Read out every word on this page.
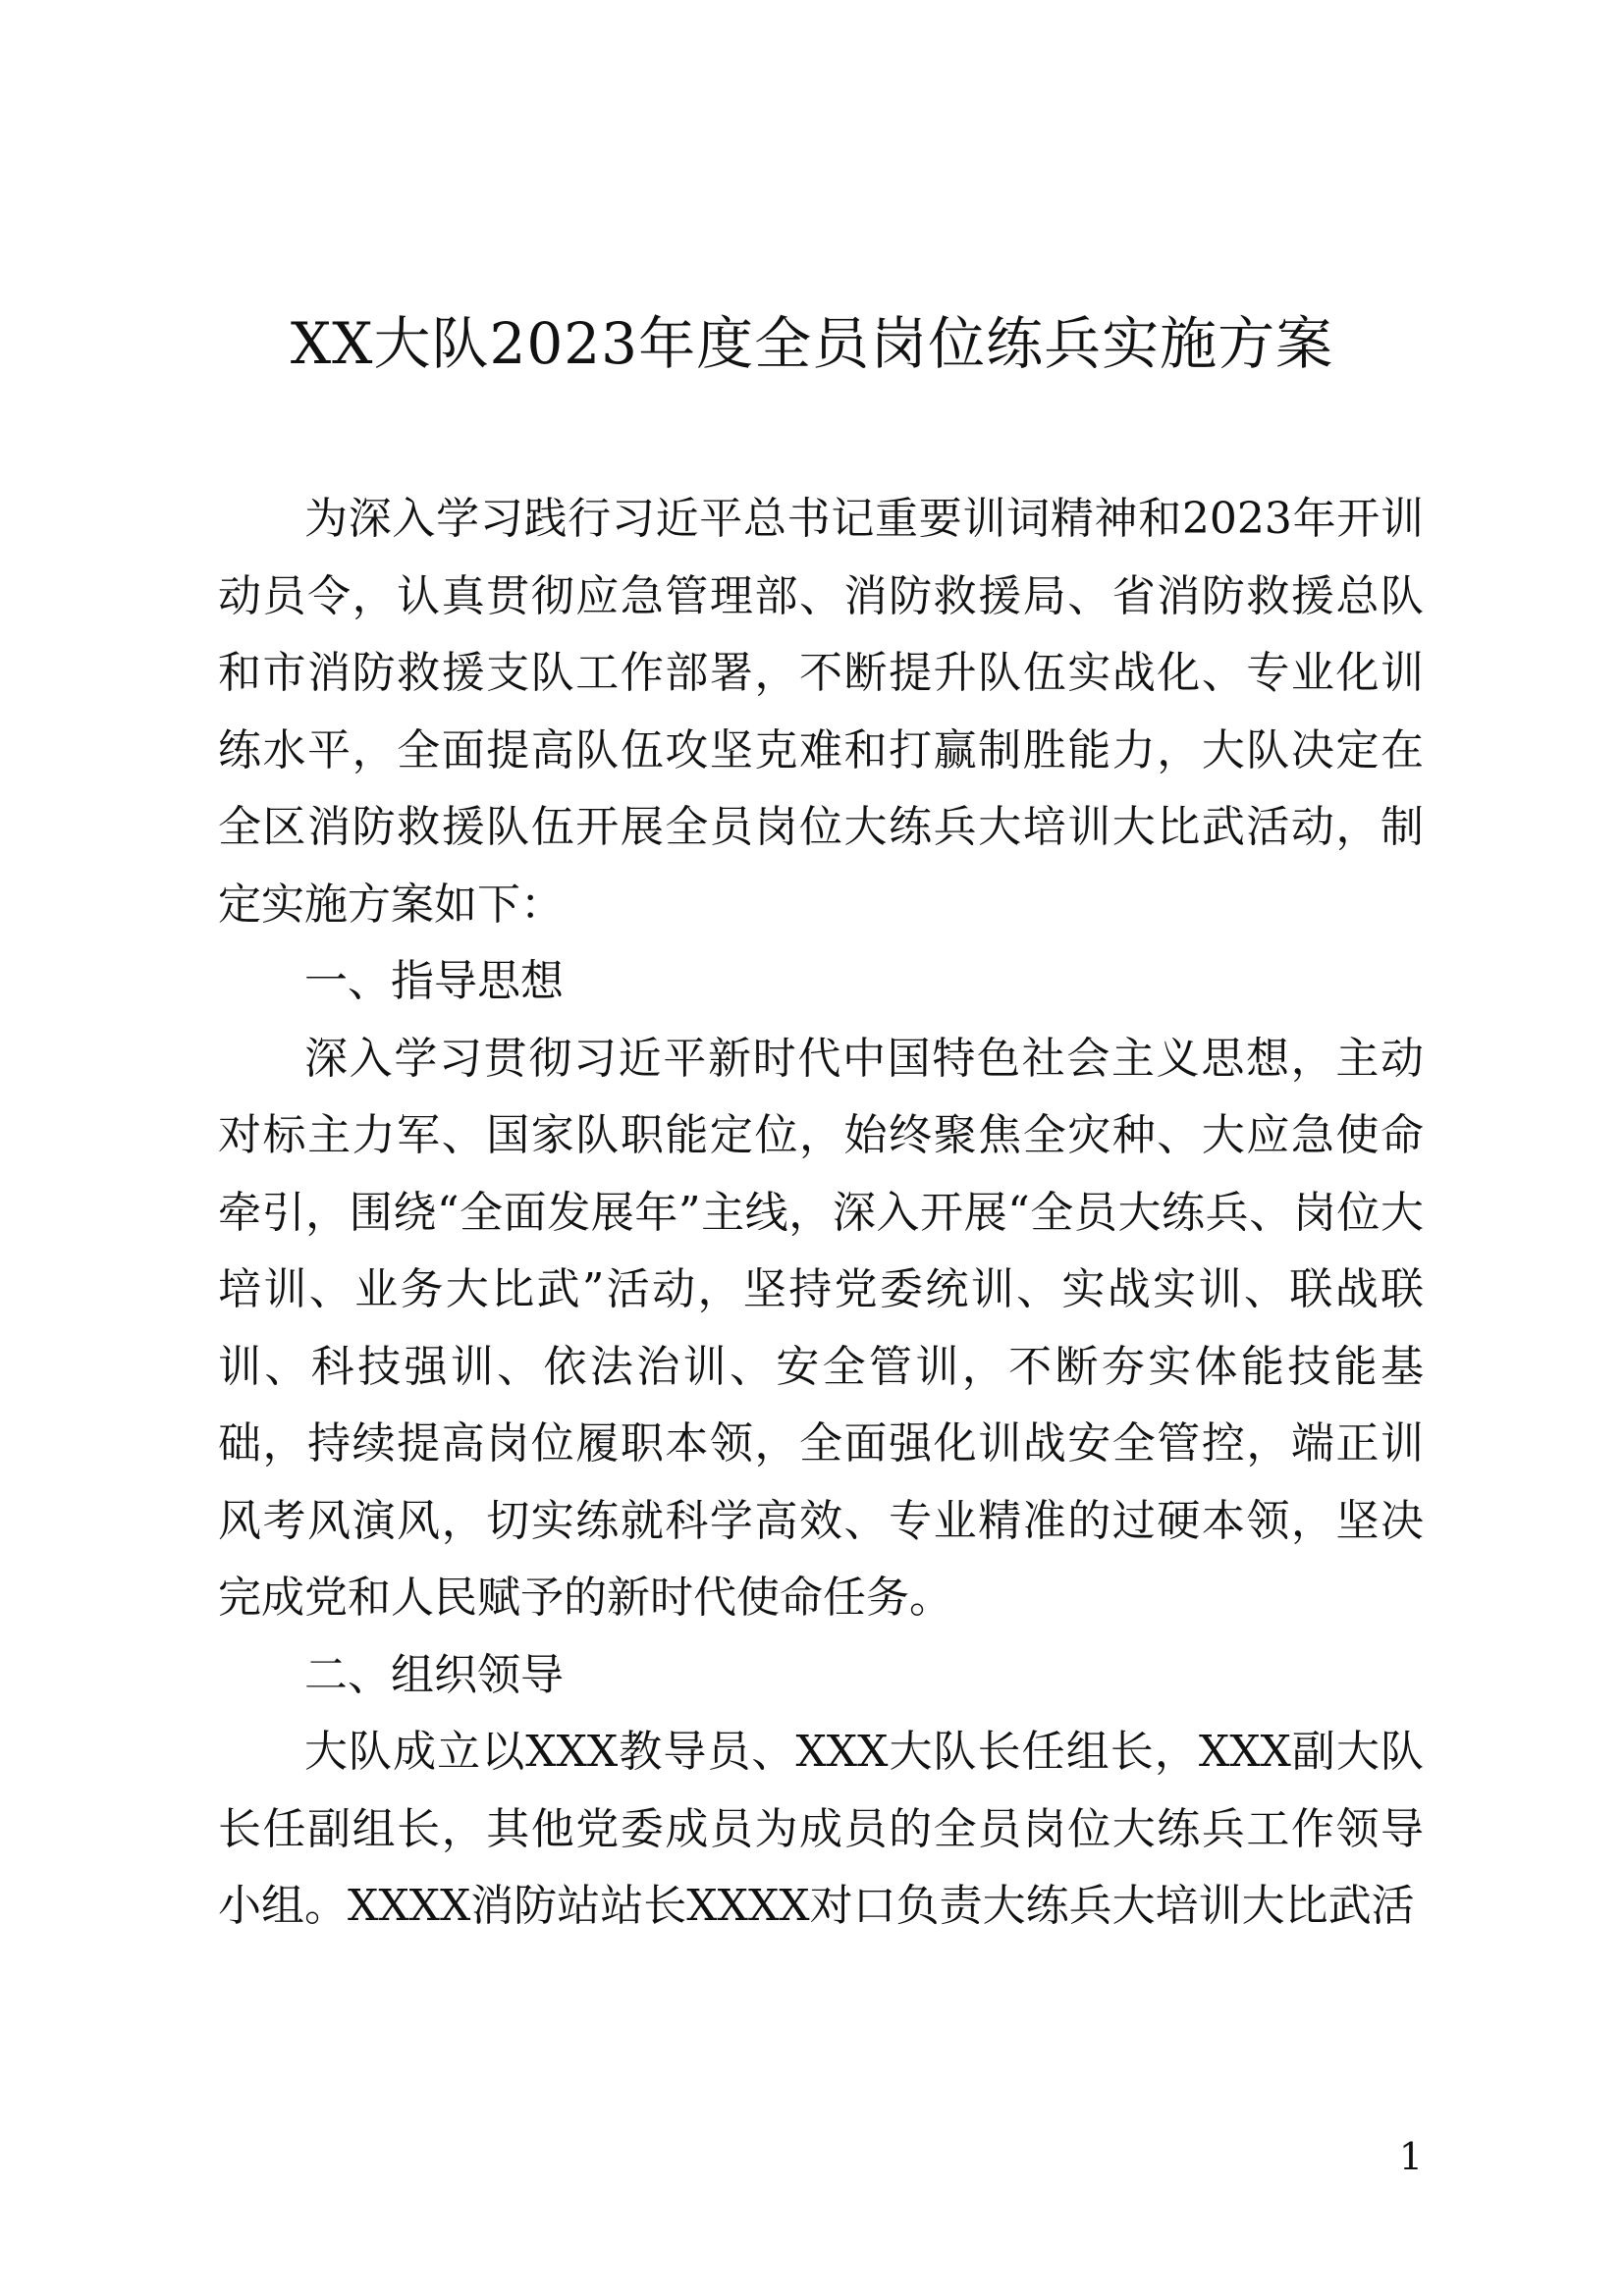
XX大队2023年度全员岗位练兵实施方案

为深入学习践行习近平总书记重要训词精神和2023年开训动员令，认真贯彻应急管理部、消防救援局、省消防救援总队和市消防救援支队工作部署，不断提升队伍实战化、专业化训练水平，全面提高队伍攻坚克难和打赢制胜能力，大队决定在全区消防救援队伍开展全员岗位大练兵大培训大比武活动，制定实施方案如下：

一、指导思想

深入学习贯彻习近平新时代中国特色社会主义思想，主动对标主力军、国家队职能定位，始终聚焦全灾种、大应急使命牵引，围绕“全面发展年”主线，深入开展“全员大练兵、岗位大培训、业务大比武”活动，坚持党委统训、实战实训、联战联训、科技强训、依法治训、安全管训，不断夯实体能技能基础，持续提高岗位履职本领，全面强化训战安全管控，端正训风考风演风，切实练就科学高效、专业精准的过硬本领，坚决完成党和人民赋予的新时代使命任务。

二、组织领导

大队成立以XXX教导员、XXX大队长任组长，XXX副大队长任副组长，其他党委成员为成员的全员岗位大练兵工作领导小组。XXXX消防站站长XXXX对口负责大练兵大培训大比武活

1
